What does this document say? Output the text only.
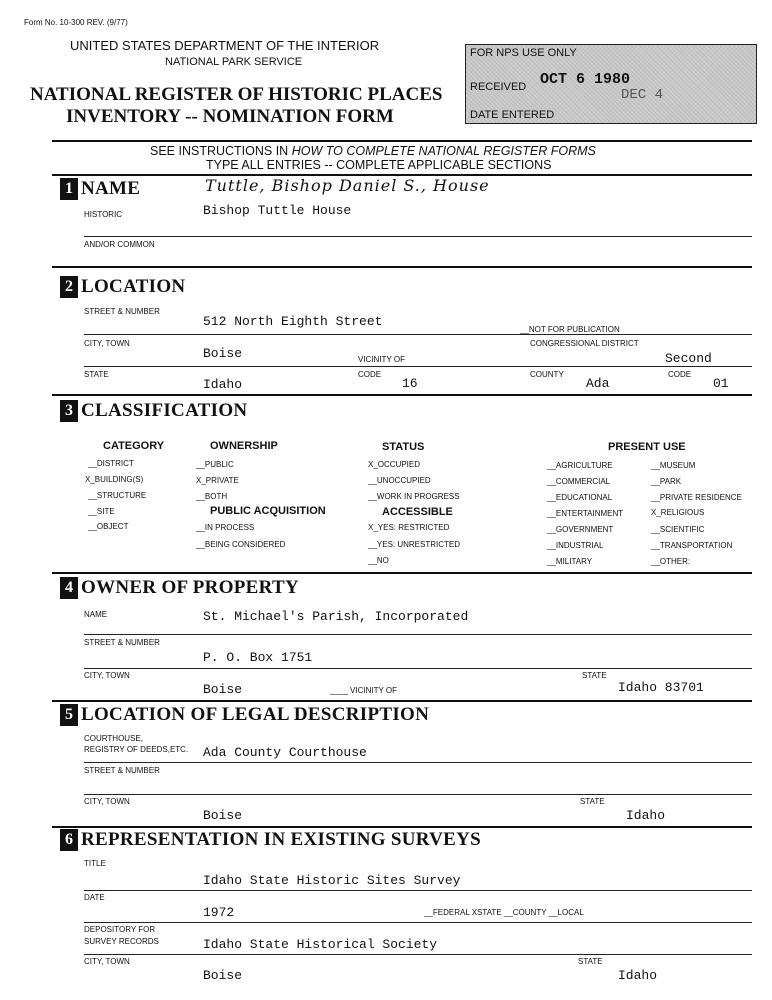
Form No. 10-300 REV. (9/77)
UNITED STATES DEPARTMENT OF THE INTERIOR
NATIONAL PARK SERVICE
NATIONAL REGISTER OF HISTORIC PLACES
INVENTORY -- NOMINATION FORM
FOR NPS USE ONLY
RECEIVED OCT 6 1980
DEC 4
DATE ENTERED
SEE INSTRUCTIONS IN HOW TO COMPLETE NATIONAL REGISTER FORMS
TYPE ALL ENTRIES -- COMPLETE APPLICABLE SECTIONS
1 NAME	Tuttle, Bishop Daniel S., House
HISTORIC	Bishop Tuttle House
AND/OR COMMON
2 LOCATION
STREET & NUMBER
512 North Eighth Street
__NOT FOR PUBLICATION
CITY, TOWN	CONGRESSIONAL DISTRICT
Boise	VICINITY OF	Second
STATE	CODE	COUNTY	CODE
Idaho	16	Ada	01
3 CLASSIFICATION
CATEGORY	OWNERSHIP	STATUS	PRESENT USE
__DISTRICT
X_BUILDING(S)
__STRUCTURE
__SITE
__OBJECT
__PUBLIC
X_PRIVATE
__BOTH
PUBLIC ACQUISITION
__IN PROCESS
__BEING CONSIDERED
X_OCCUPIED
__UNOCCUPIED
__WORK IN PROGRESS
ACCESSIBLE
X_YES: RESTRICTED
__YES: UNRESTRICTED
__NO
__AGRICULTURE
__COMMERCIAL
__EDUCATIONAL
__ENTERTAINMENT
__GOVERNMENT
__INDUSTRIAL
__MILITARY
__MUSEUM
__PARK
__PRIVATE RESIDENCE
X_RELIGIOUS
__SCIENTIFIC
__TRANSPORTATION
__OTHER:
4 OWNER OF PROPERTY
NAME	St. Michael's Parish, Incorporated
STREET & NUMBER
P. O. Box 1751
CITY, TOWN	STATE
Boise	____ VICINITY OF	Idaho 83701
5 LOCATION OF LEGAL DESCRIPTION
COURTHOUSE,
REGISTRY OF DEEDS,ETC. Ada County Courthouse
STREET & NUMBER
CITY, TOWN	STATE
Boise	Idaho
6 REPRESENTATION IN EXISTING SURVEYS
TITLE
Idaho State Historic Sites Survey
DATE
1972	__FEDERAL XSTATE __COUNTY __LOCAL
DEPOSITORY FOR
SURVEY RECORDS	Idaho State Historical Society
CITY, TOWN	STATE
Boise	Idaho
